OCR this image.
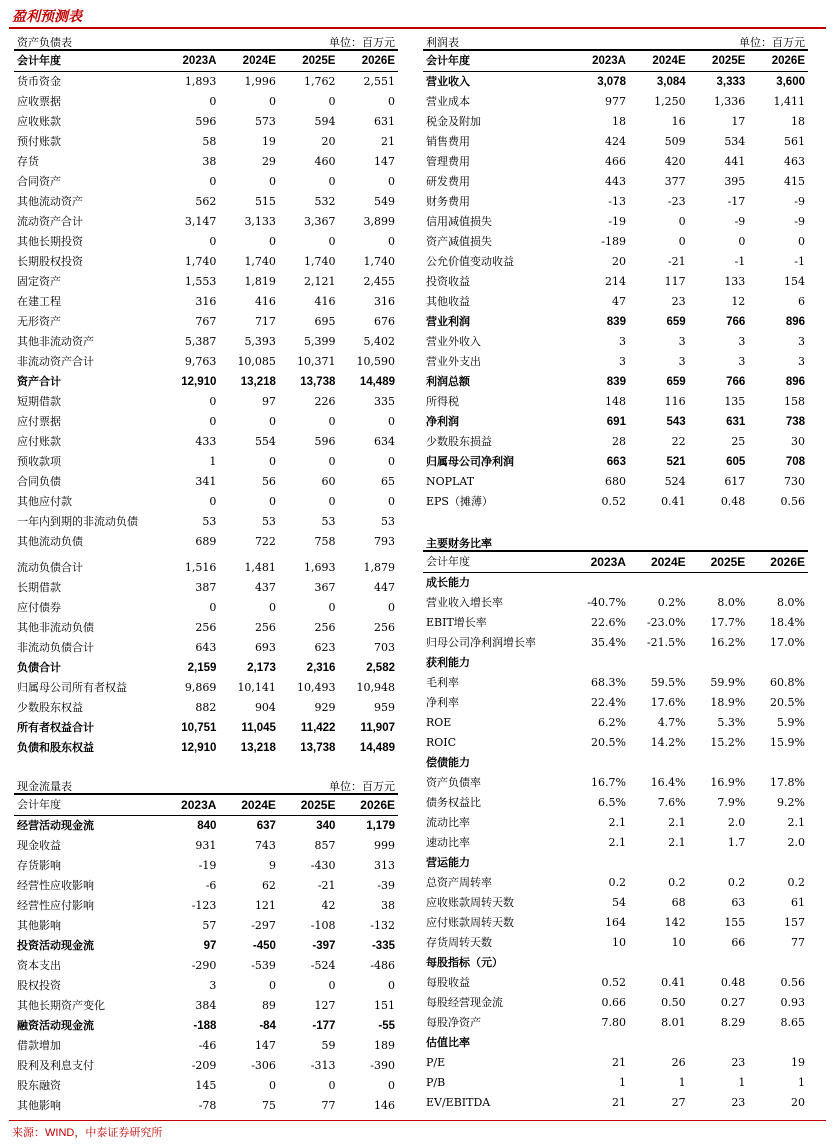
盈利预测表
资产负债表	单位：百万元
会计年度	2023A	2024E	2025E	2026E
货币资金	1,893	1,996	1,762	2,551
应收票据	0	0	0	0
应收账款	596	573	594	631
预付账款	58	19	20	21
存货	38	29	460	147
合同资产	0	0	0	0
其他流动资产	562	515	532	549
流动资产合计	3,147	3,133	3,367	3,899
其他长期投资	0	0	0	0
长期股权投资	1,740	1,740	1,740	1,740
固定资产	1,553	1,819	2,121	2,455
在建工程	316	416	416	316
无形资产	767	717	695	676
其他非流动资产	5,387	5,393	5,399	5,402
非流动资产合计	9,763	10,085	10,371	10,590
资产合计	12,910	13,218	13,738	14,489
短期借款	0	97	226	335
应付票据	0	0	0	0
应付账款	433	554	596	634
预收款项	1	0	0	0
合同负债	341	56	60	65
其他应付款	0	0	0	0
一年内到期的非流动负债	53	53	53	53
其他流动负债	689	722	758	793
流动负债合计	1,516	1,481	1,693	1,879
长期借款	387	437	367	447
应付债券	0	0	0	0
其他非流动负债	256	256	256	256
非流动负债合计	643	693	623	703
负债合计	2,159	2,173	2,316	2,582
归属母公司所有者权益	9,869	10,141	10,493	10,948
少数股东权益	882	904	929	959
所有者权益合计	10,751	11,045	11,422	11,907
负债和股东权益	12,910	13,218	13,738	14,489
利润表	单位：百万元
会计年度	2023A	2024E	2025E	2026E
营业收入	3,078	3,084	3,333	3,600
营业成本	977	1,250	1,336	1,411
税金及附加	18	16	17	18
销售费用	424	509	534	561
管理费用	466	420	441	463
研发费用	443	377	395	415
财务费用	-13	-23	-17	-9
信用减值损失	-19	0	-9	-9
资产减值损失	-189	0	0	0
公允价值变动收益	20	-21	-1	-1
投资收益	214	117	133	154
其他收益	47	23	12	6
营业利润	839	659	766	896
营业外收入	3	3	3	3
营业外支出	3	3	3	3
利润总额	839	659	766	896
所得税	148	116	135	158
净利润	691	543	631	738
少数股东损益	28	22	25	30
归属母公司净利润	663	521	605	708
NOPLAT	680	524	617	730
EPS（摊薄）	0.52	0.41	0.48	0.56
主要财务比率
会计年度	2023A	2024E	2025E	2026E
成长能力				
营业收入增长率	-40.7%	0.2%	8.0%	8.0%
EBIT增长率	22.6%	-23.0%	17.7%	18.4%
归母公司净利润增长率	35.4%	-21.5%	16.2%	17.0%
获利能力				
毛利率	68.3%	59.5%	59.9%	60.8%
净利率	22.4%	17.6%	18.9%	20.5%
ROE	6.2%	4.7%	5.3%	5.9%
ROIC	20.5%	14.2%	15.2%	15.9%
偿债能力				
资产负债率	16.7%	16.4%	16.9%	17.8%
债务权益比	6.5%	7.6%	7.9%	9.2%
流动比率	2.1	2.1	2.0	2.1
速动比率	2.1	2.1	1.7	2.0
营运能力				
总资产周转率	0.2	0.2	0.2	0.2
应收账款周转天数	54	68	63	61
应付账款周转天数	164	142	155	157
存货周转天数	10	10	66	77
每股指标（元）				
每股收益	0.52	0.41	0.48	0.56
每股经营现金流	0.66	0.50	0.27	0.93
每股净资产	7.80	8.01	8.29	8.65
估值比率				
P/E	21	26	23	19
P/B	1	1	1	1
EV/EBITDA	21	27	23	20
现金流量表	单位：百万元
会计年度	2023A	2024E	2025E	2026E
经营活动现金流	840	637	340	1,179
现金收益	931	743	857	999
存货影响	-19	9	-430	313
经营性应收影响	-6	62	-21	-39
经营性应付影响	-123	121	42	38
其他影响	57	-297	-108	-132
投资活动现金流	97	-450	-397	-335
资本支出	-290	-539	-524	-486
股权投资	3	0	0	0
其他长期资产变化	384	89	127	151
融资活动现金流	-188	-84	-177	-55
借款增加	-46	147	59	189
股利及利息支付	-209	-306	-313	-390
股东融资	145	0	0	0
其他影响	-78	75	77	146
来源：WIND，中泰证券研究所
